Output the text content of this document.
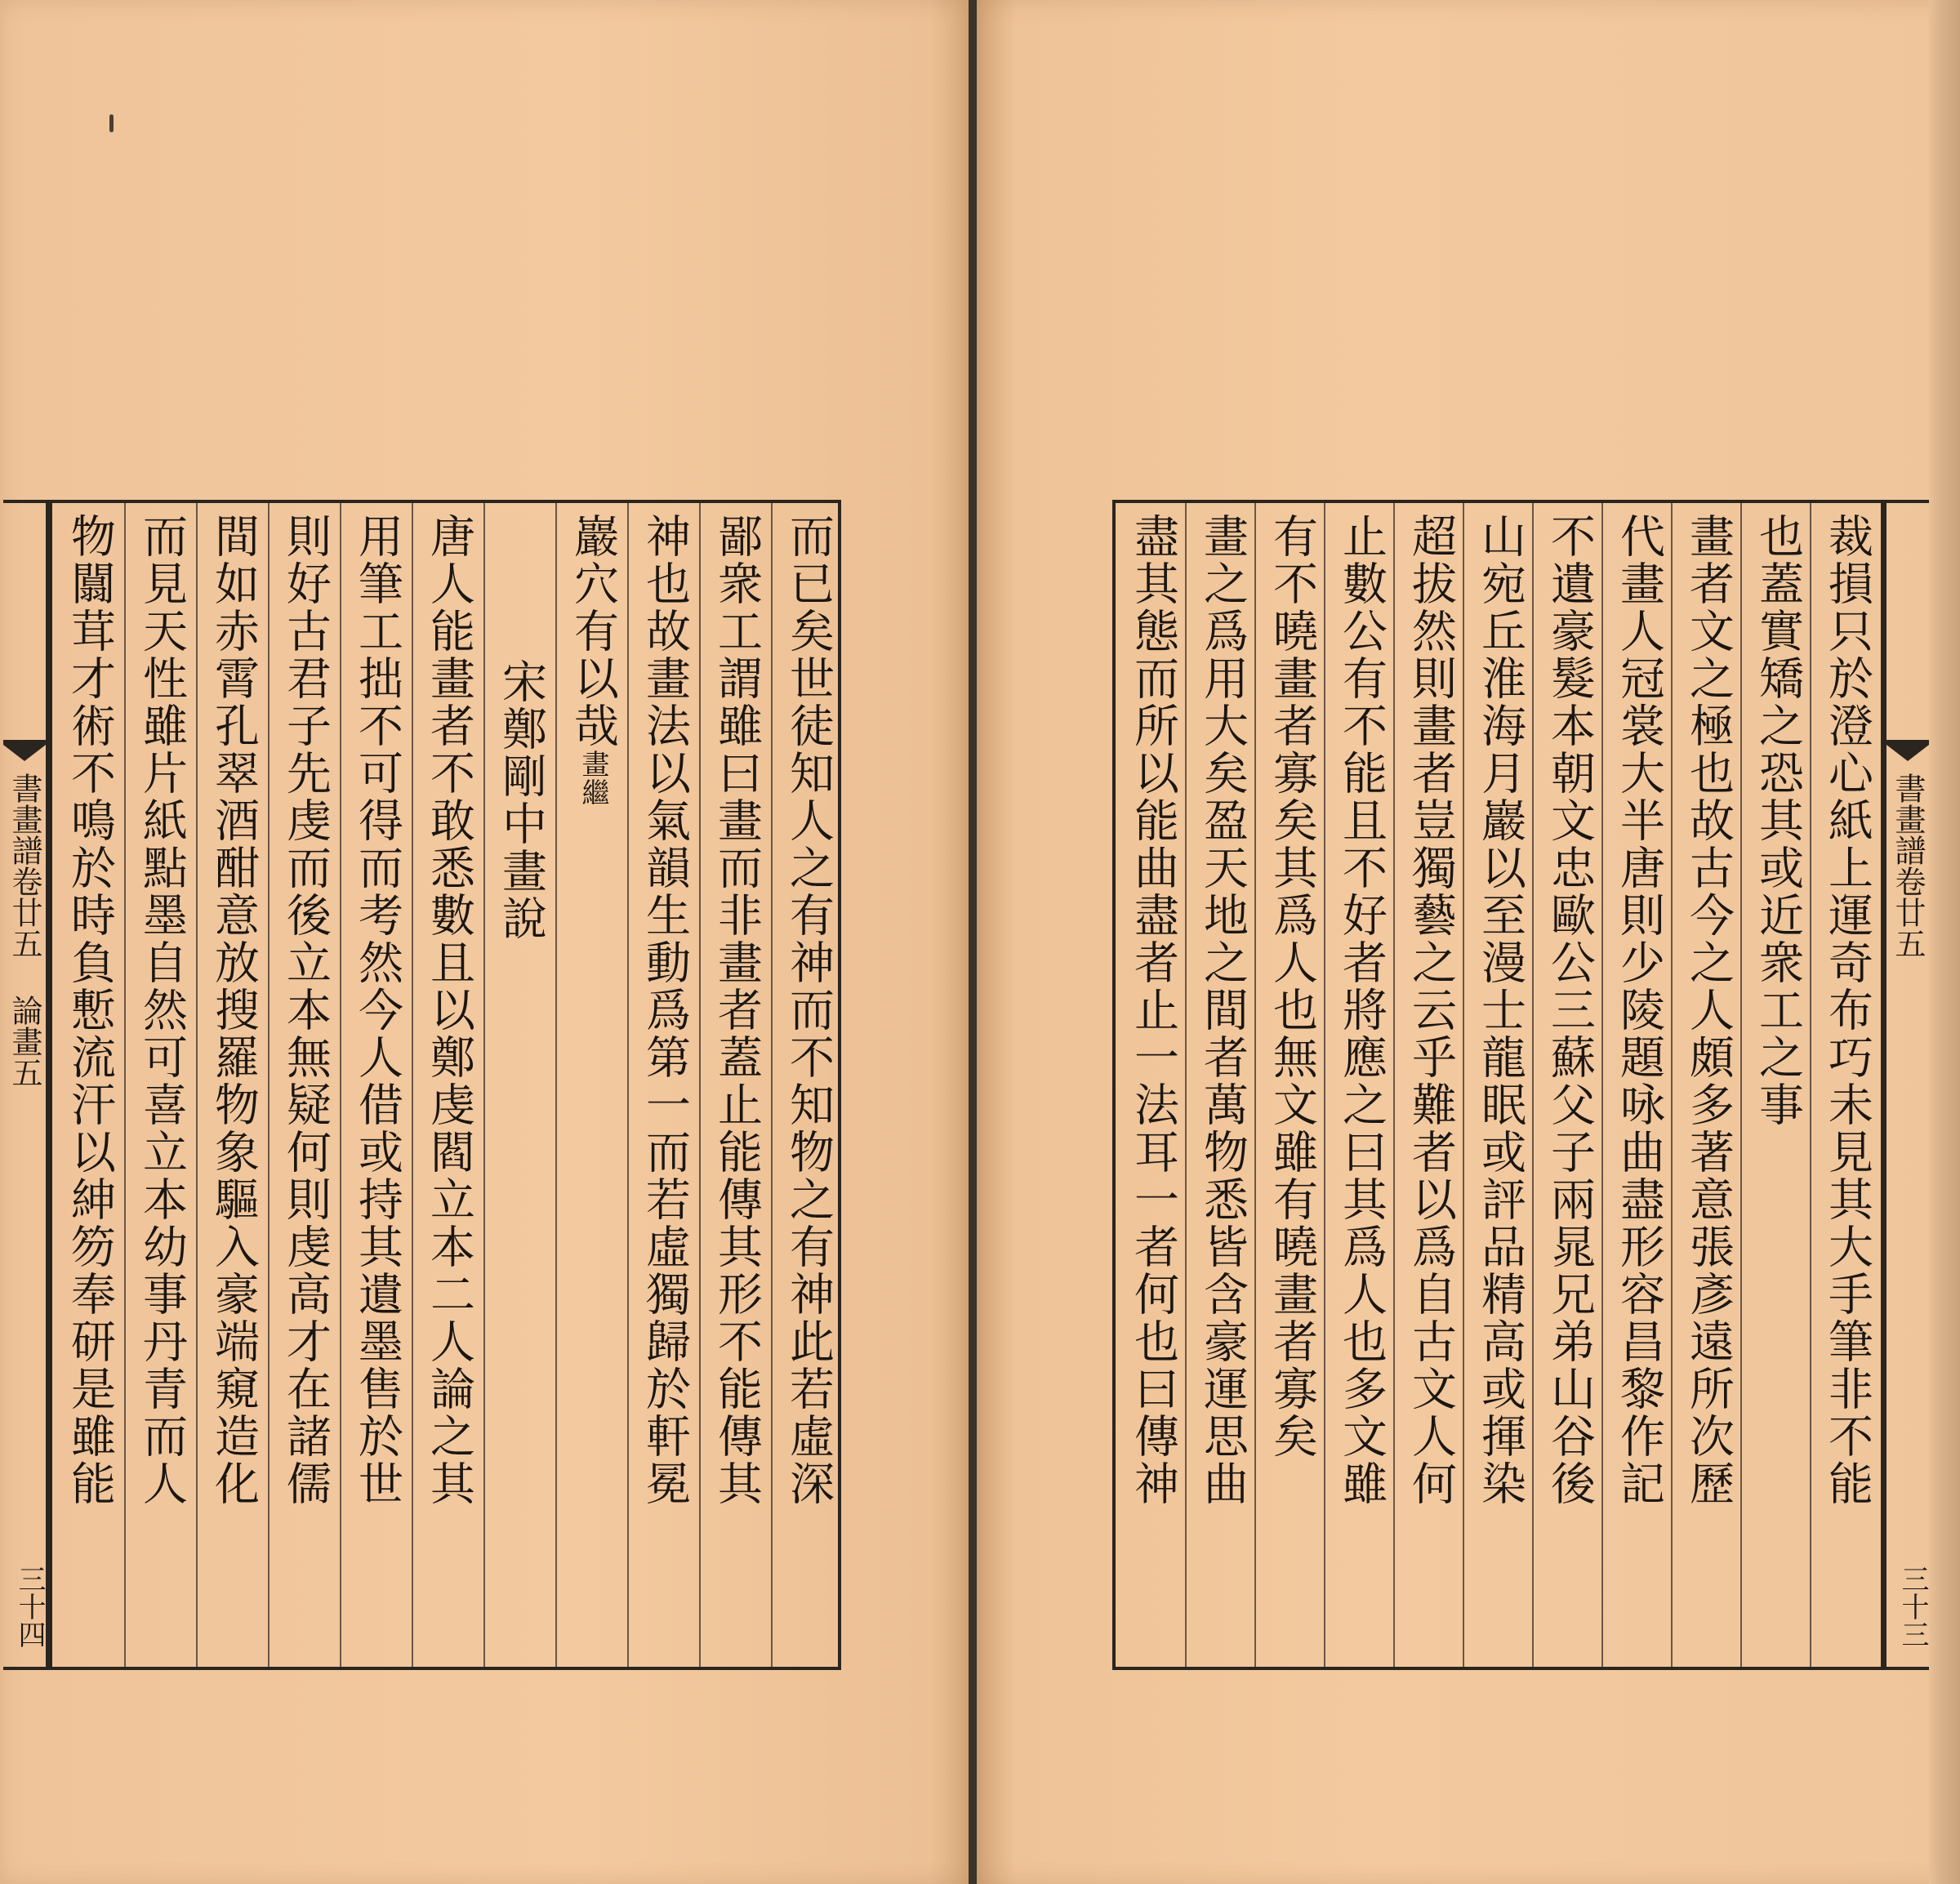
書畫譜卷廿五 論畫五
三十四
而已矣世徒知人之有神而不知物之有神此若虛深
鄙衆工謂雖曰畫而非畫者蓋止能傳其形不能傳其
神也故畫法以氣韻生動爲第一而若虛獨歸於軒冕
巖穴有以哉畫繼
宋鄭剛中畫說
唐人能畫者不敢悉數且以鄭虔閻立本二人論之其
用筆工拙不可得而考然今人借或持其遺墨售於世
則好古君子先虔而後立本無疑何則虔高才在諸儒
間如赤霄孔翠酒酣意放搜羅物象驅入豪端窺造化
而見天性雖片紙點墨自然可喜立本幼事丹青而人
物闒茸才術不鳴於時負慙流汗以紳笏奉研是雖能	裁損只於澄心紙上運奇布巧未見其大手筆非不能
也蓋實矯之恐其或近衆工之事
畫者文之極也故古今之人頗多著意張彥遠所次歷
代畫人冠裳大半唐則少陵題咏曲盡形容昌黎作記
不遺豪髮本朝文忠歐公三蘇父子兩晁兄弟山谷後
山宛丘淮海月巖以至漫士龍眠或評品精高或揮染
超拔然則畫者豈獨藝之云乎難者以爲自古文人何
止數公有不能且不好者將應之曰其爲人也多文雖
有不曉畫者寡矣其爲人也無文雖有曉畫者寡矣
畫之爲用大矣盈天地之間者萬物悉皆含豪運思曲
盡其態而所以能曲盡者止一法耳一者何也曰傳神	書畫譜卷廿五
三十三
